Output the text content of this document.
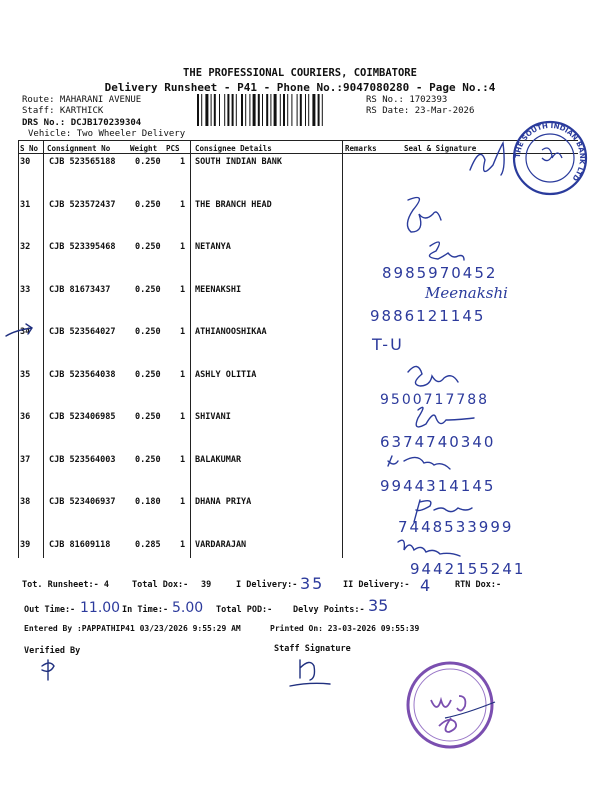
THE PROFESSIONAL COURIERS, COIMBATORE
Delivery Runsheet - P41 - Phone No.:9047080280 - Page No.:4
Route: MAHARANI AVENUE
Staff: KARTHICK
DRS No.: DCJB170239304
Vehicle: Two Wheeler Delivery
RS No.: 1702393
RS Date: 23-Mar-2026
S No Consignment No	Weight PCS Consignee Details	Remarks	Seal & Signature
30 CJB 523565188 0.250 1 SOUTH INDIAN BANK
31 CJB 523572437 0.250 1 THE BRANCH HEAD
32 CJB 523395468 0.250 1 NETANYA
33 CJB 81673437	0.250 1 MEENAKSHI
34 CJB 523564027 0.250 1 ATHIANOOSHIKAA
35 CJB 523564038 0.250 1 ASHLY OLITIA
36 CJB 523406985 0.250 1 SHIVANI
37 CJB 523564003 0.250 1 BALAKUMAR
38 CJB 523406937 0.180 1 DHANA PRIYA
39 CJB 81609118	0.285 1 VARDARAJAN
8985970452
Meenakshi
9886121145
T-U
9500717788
6374740340
9944314145
7448533999
9442155241
THE SOUTH INDIAN BANK LTD
Tot. Runsheet:- 4	Total Dox:- 39	I Delivery:- 35 II Delivery:- 4	RTN Dox:-
Out Time:- 11.00 In Time:- 5.00 Total POD:- Delvy Points:- 35
Entered By :PAPPATHIP41 03/23/2026 9:55:29 AM	Printed On: 23-03-2026 09:55:39
Verified By	Staff Signature
